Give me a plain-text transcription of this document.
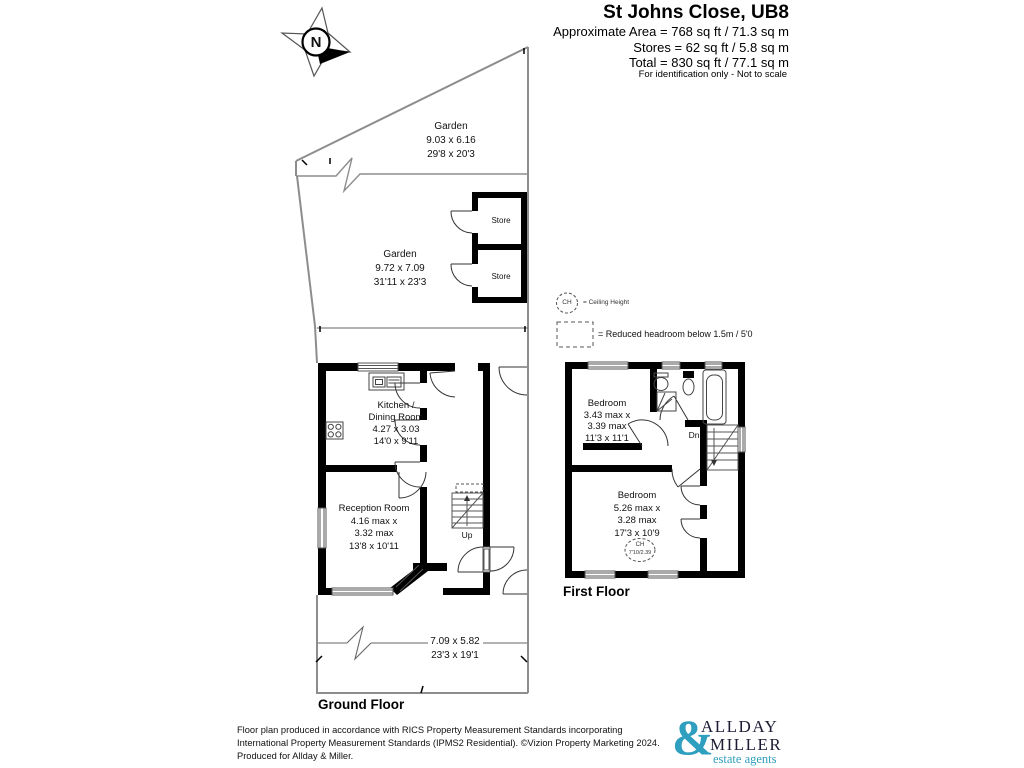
St Johns Close, UB8
Approximate Area = 768 sq ft / 71.3 sq m
Stores = 62 sq ft / 5.8 sq m
Total = 830 sq ft / 77.1 sq m
For identification only - Not to scale
N
Garden
9.03 x 6.16
29'8 x 20'3
Garden
9.72 x 7.09
31'11 x 23'3
7.09 x 5.82
23'3 x 19'1
Store
Store
Kitchen /
Dining Room
4.27 x 3.03
14'0 x 9'11
Reception Room
4.16 max x
3.32 max
13'8 x 10'11
Up
Ground Floor
Bedroom
3.43 max x
3.39 max
11'3 x 11'1
Bedroom
5.26 max x
3.28 max
17'3 x 10'9
CH
7'10/2.39
Dn
First Floor
CH = Ceiling Height
= Reduced headroom below 1.5m / 5'0
Floor plan produced in accordance with RICS Property Measurement Standards incorporating
International Property Measurement Standards (IPMS2 Residential). ©Vizion Property Marketing 2024.
Produced for Allday & Miller.	&
ALLDAY
MILLER
estate agents
